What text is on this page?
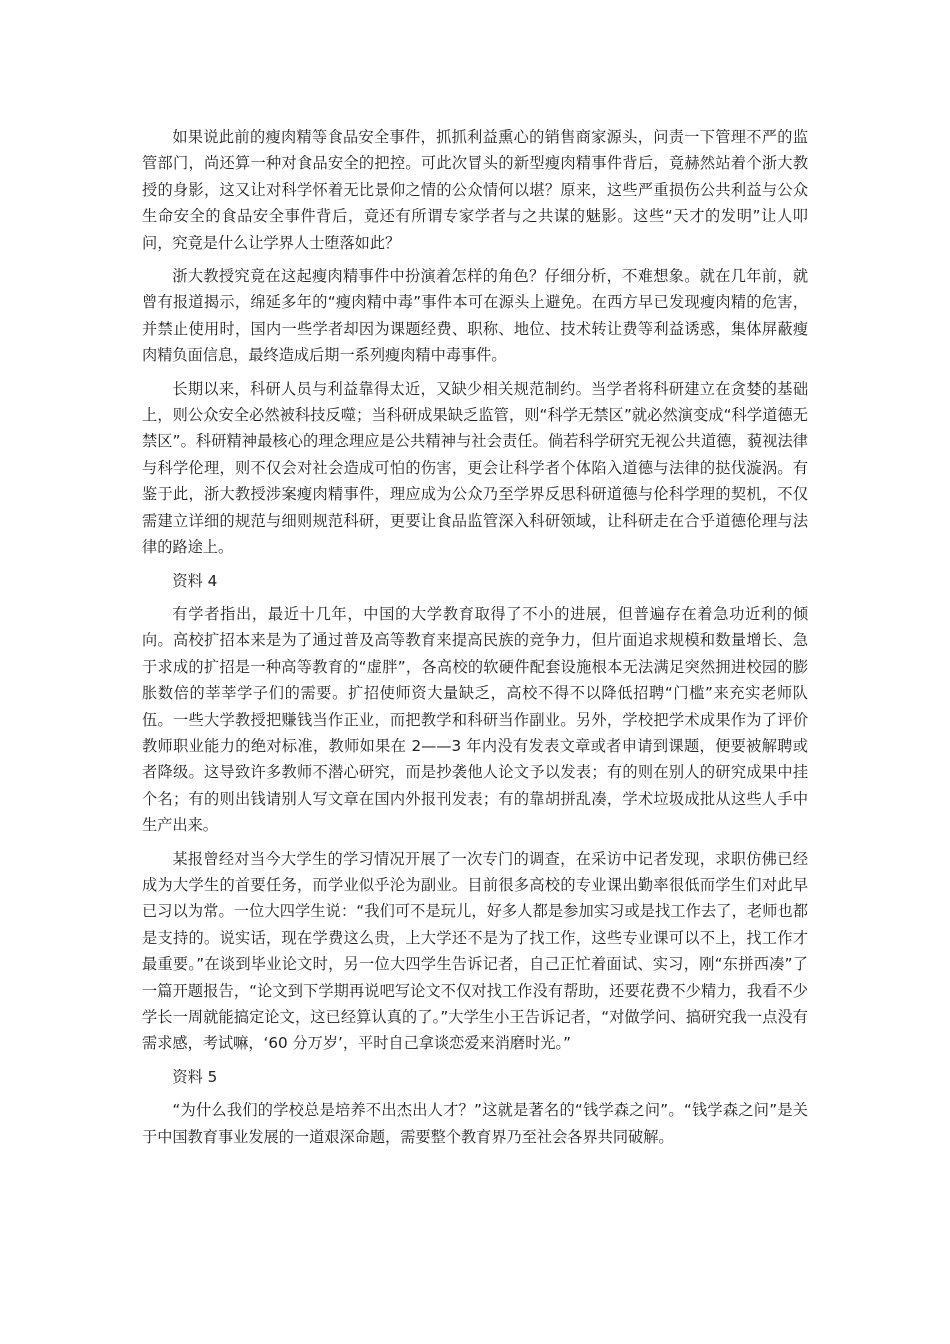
如果说此前的瘦肉精等食品安全事件，抓抓利益熏心的销售商家源头，问责一下管理不严的监管部门，尚还算一种对食品安全的把控。可此次冒头的新型瘦肉精事件背后，竟赫然站着个浙大教授的身影，这又让对科学怀着无比景仰之情的公众情何以堪？原来，这些严重损伤公共利益与公众生命安全的食品安全事件背后，竟还有所谓专家学者与之共谋的魅影。这些“天才的发明”让人叩问，究竟是什么让学界人士堕落如此？

浙大教授究竟在这起瘦肉精事件中扮演着怎样的角色？仔细分析，不难想象。就在几年前，就曾有报道揭示，绵延多年的“瘦肉精中毒”事件本可在源头上避免。在西方早已发现瘦肉精的危害，并禁止使用时，国内一些学者却因为课题经费、职称、地位、技术转让费等利益诱惑，集体屏蔽瘦肉精负面信息，最终造成后期一系列瘦肉精中毒事件。

长期以来，科研人员与利益靠得太近，又缺少相关规范制约。当学者将科研建立在贪婪的基础上，则公众安全必然被科技反噬；当科研成果缺乏监管，则“科学无禁区”就必然演变成“科学道德无禁区”。科研精神最核心的理念理应是公共精神与社会责任。倘若科学研究无视公共道德，藐视法律与科学伦理，则不仅会对社会造成可怕的伤害，更会让科学者个体陷入道德与法律的挞伐漩涡。有鉴于此，浙大教授涉案瘦肉精事件，理应成为公众乃至学界反思科研道德与伦科学理的契机，不仅需建立详细的规范与细则规范科研，更要让食品监管深入科研领域，让科研走在合乎道德伦理与法律的路途上。

资料 4

有学者指出，最近十几年，中国的大学教育取得了不小的进展，但普遍存在着急功近利的倾向。高校扩招本来是为了通过普及高等教育来提高民族的竞争力，但片面追求规模和数量增长、急于求成的扩招是一种高等教育的“虚胖”，各高校的软硬件配套设施根本无法满足突然拥进校园的膨胀数倍的莘莘学子们的需要。扩招使师资大量缺乏，高校不得不以降低招聘“门槛”来充实老师队伍。一些大学教授把赚钱当作正业，而把教学和科研当作副业。另外，学校把学术成果作为了评价教师职业能力的绝对标准，教师如果在 2——3 年内没有发表文章或者申请到课题，便要被解聘或者降级。这导致许多教师不潜心研究，而是抄袭他人论文予以发表；有的则在别人的研究成果中挂个名；有的则出钱请别人写文章在国内外报刊发表；有的靠胡拼乱凑，学术垃圾成批从这些人手中生产出来。

某报曾经对当今大学生的学习情况开展了一次专门的调查，在采访中记者发现，求职仿佛已经成为大学生的首要任务，而学业似乎沦为副业。目前很多高校的专业课出勤率很低而学生们对此早已习以为常。一位大四学生说：“我们可不是玩儿，好多人都是参加实习或是找工作去了，老师也都是支持的。说实话，现在学费这么贵，上大学还不是为了找工作，这些专业课可以不上，找工作才最重要。”在谈到毕业论文时，另一位大四学生告诉记者，自己正忙着面试、实习，刚“东拼西凑”了一篇开题报告，“论文到下学期再说吧写论文不仅对找工作没有帮助，还要花费不少精力，我看不少学长一周就能搞定论文，这已经算认真的了。”大学生小王告诉记者，“对做学问、搞研究我一点没有需求感，考试嘛，‘60 分万岁’，平时自己拿谈恋爱来消磨时光。”

资料 5

“为什么我们的学校总是培养不出杰出人才？”这就是著名的“钱学森之问”。“钱学森之问”是关于中国教育事业发展的一道艰深命题，需要整个教育界乃至社会各界共同破解。
